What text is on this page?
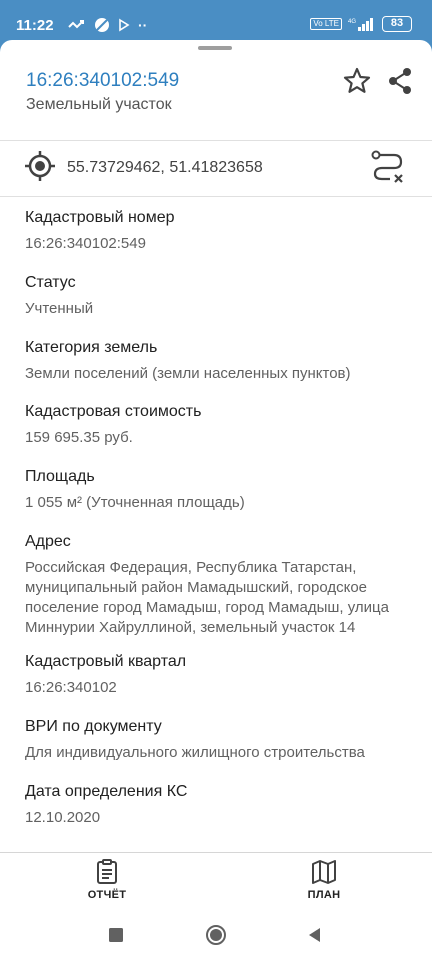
11:22	··	Vo LTE	4G	83
16:26:340102:549
Земельный участок
55.73729462, 51.41823658
Кадастровый номер
16:26:340102:549
Статус
Учтенный
Категория земель
Земли поселений (земли населенных пунктов)
Кадастровая стоимость
159 695.35 руб.
Площадь
1 055 м² (Уточненная площадь)
Адрес
Российская Федерация, Республика Татарстан, муниципальный район Мамадышский, городское поселение город Мамадыш, город Мамадыш, улица Миннурии Хайруллиной, земельный участок 14
Кадастровый квартал
16:26:340102
ВРИ по документу
Для индивидуального жилищного строительства
Дата определения КС
12.10.2020
ОТЧЁТ	ПЛАН
